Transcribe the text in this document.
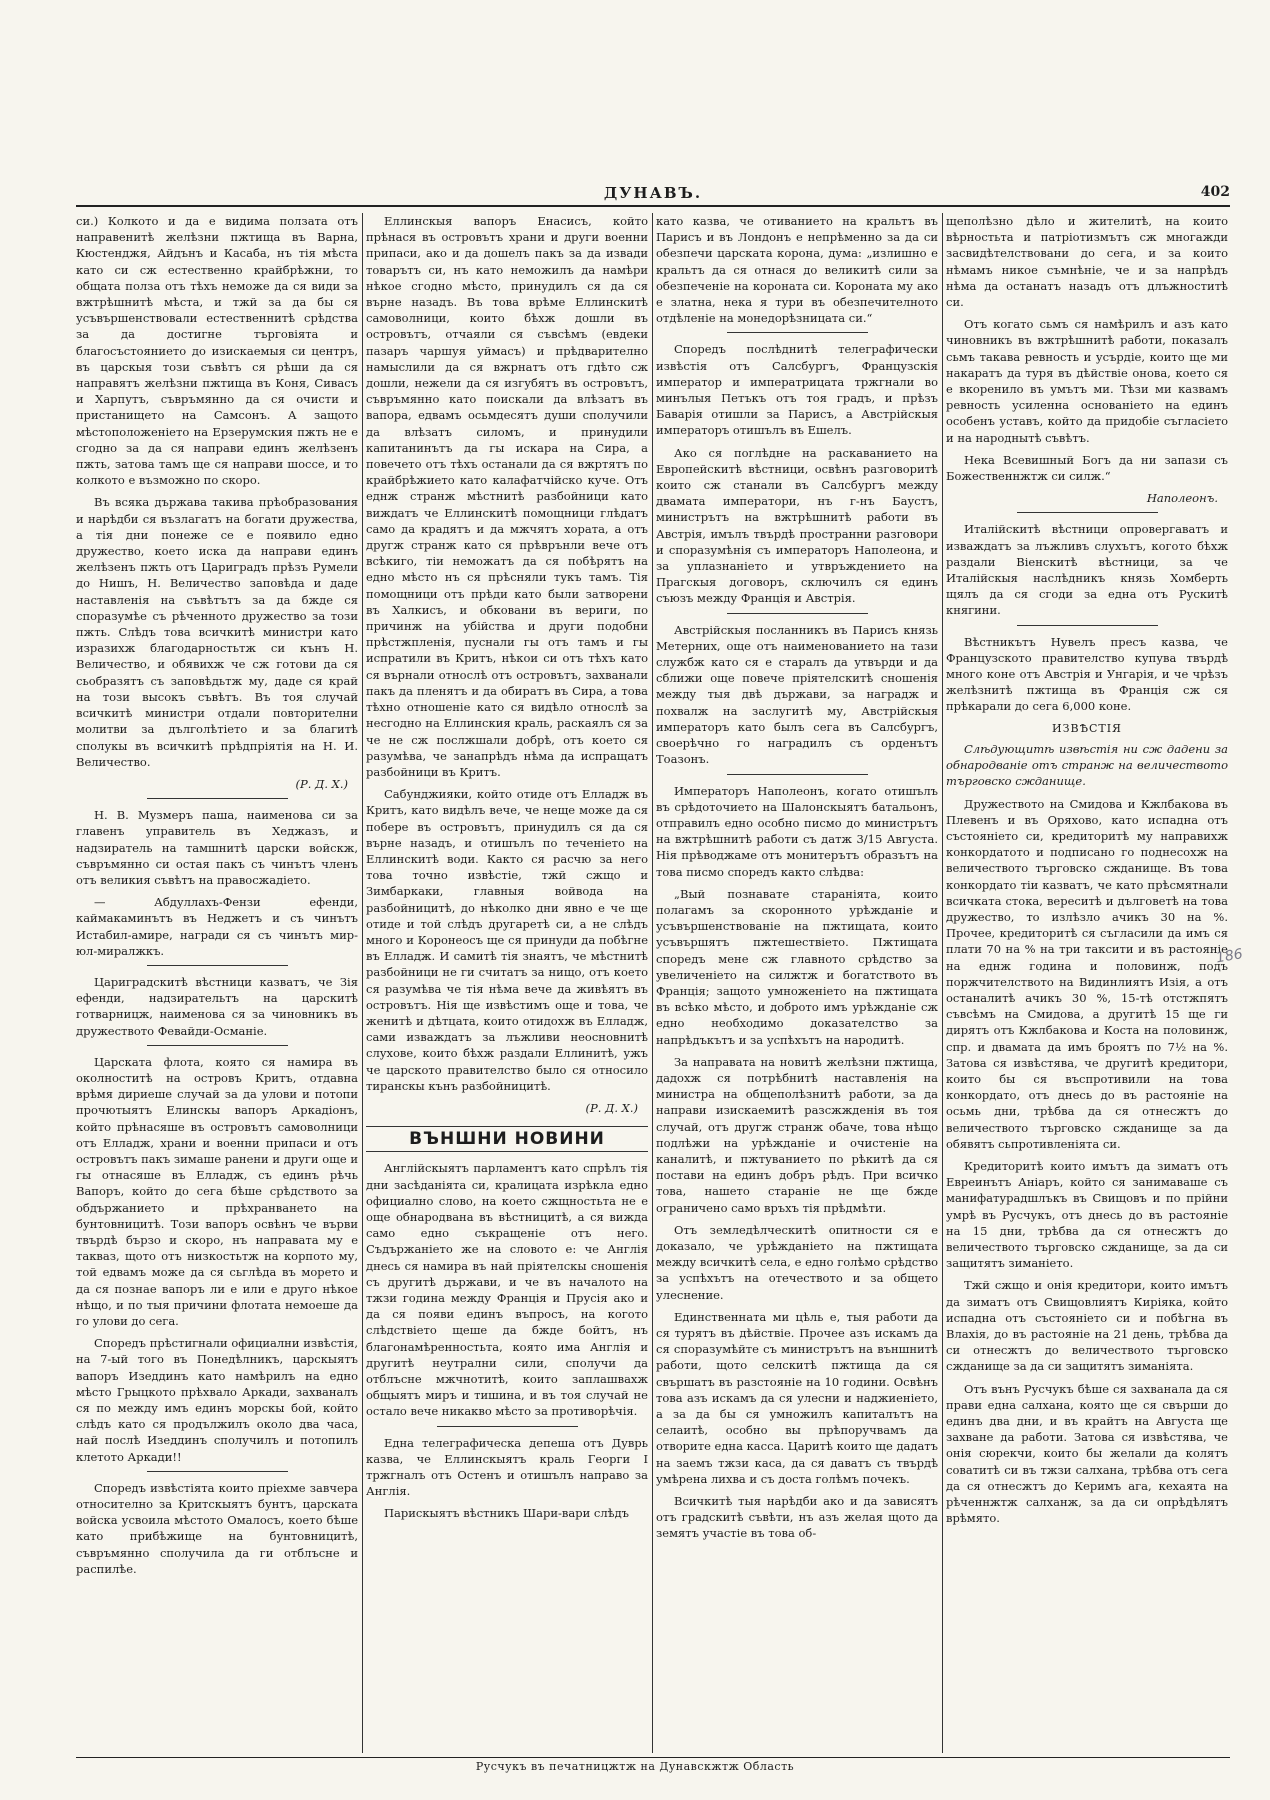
ДУНАВЪ.	402

си.) Колкото и да е видима ползата отъ направенитѣ желѣзни пжтища въ Варна, Кюстенджя, Айдънъ и Касаба, нъ тія мѣста като си сж естественно крайбрѣжни, то общата полза отъ тѣхъ неможе да ся види за вжтрѣшнитѣ мѣста, и тжй за да бы ся усъвършенствовали естественнитѣ срѣдства за да достигне търговіята и благосъстоянието до изискаемыя си центръ, въ царскыя този съвѣтъ ся рѣши да ся направятъ желѣзни пжтища въ Коня, Сивасъ и Харпутъ, съвръмянно да ся очисти и пристанището на Самсонъ. А защото мѣстоположеніето на Ерзерумския пжть не е сгодно за да ся направи единъ желѣзенъ пжть, затова тамъ ще ся направи шоссе, и то колкото е възможно по скоро.

Въ всяка държава такива прѣобразования и нарѣдби ся възлагатъ на богати дружества, а тія дни понеже се е появило едно дружество, което иска да направи единъ желѣзенъ пжть отъ Цариградъ прѣзъ Румели до Нишъ, Н. Величество заповѣда и даде наставленія на съвѣтътъ за да бжде ся споразумѣе съ рѣченното дружество за този пжть. Слѣдъ това всичкитѣ министри като изразихж благодарностьтж си кънъ Н. Величество, и обявихж че сж готови да ся сьобразятъ съ заповѣдьтж му, даде ся край на този высокъ съвѣтъ. Въ тоя случай всичкитѣ министри отдали повторителни молитви за дълголѣтіето и за благитѣ сполукы въ всичкитѣ прѣдпріятія на Н. И. Величество.

(Р. Д. Х.)

Н. В. Музмеръ паша, наименова си за главенъ управитель въ Хеджазъ, и надзиратель на тамшнитѣ царски войскж, съвръмянно си остая пакъ съ чинътъ членъ отъ великия съвѣтъ на правосжадіето.

— Абдуллахъ-Фензи ефенди, каймакаминътъ въ Неджетъ и съ чинътъ Истабил-амире, награди ся съ чинътъ мир-юл-миралжкъ.

Цариградскитѣ вѣстници казватъ, че Зія ефенди, надзирательтъ на царскитѣ готварницж, наименова ся за чиновникъ въ дружеството Февайди-Османіе.

Царската флота, която ся намира въ околноститѣ на островъ Критъ, отдавна врѣмя дириеше случай за да улови и потопи прочютыятъ Елинскы вапоръ Аркадіонъ, който прѣнасяше въ островътъ самоволници отъ Елладж, храни и военни припаси и отъ островътъ пакъ зимаше ранени и други още и гы отнасяше въ Елладж, съ единъ рѣчь Вапоръ, който до сега бѣше срѣдството за обдържанието и прѣхранването на бунтовницитѣ. Този вапоръ освѣнъ че върви твърдѣ бързо и скоро, нъ направата му е такваз, щото отъ низкостьтж на корпото му, той едвамъ може да ся сьглѣда въ морето и да ся познае вапоръ ли е или е друго нѣкое нѣщо, и по тыя причини флотата немоеше да го улови до сега.

Споредъ прѣстигнали официални извѣстія, на 7-ый того въ Понедѣлникъ, царскыятъ вапоръ Изеддинъ като намѣрилъ на едно мѣсто Грыцкото прѣхвало Аркади, захваналъ ся по между имъ единъ морскы бой, който слѣдъ като ся продължилъ около два часа, най послѣ Изеддинъ сполучилъ и потопилъ клетото Аркади!!

Споредъ извѣстіята които пріехме завчера относително за Критскыятъ бунтъ, царската войска усвоила мѣстото Омалосъ, което бѣше като прибѣжище на бунтовницитѣ, съвръмянно сполучила да ги отблъсне и распилѣе.

Еллинскыя вапоръ Енасисъ, който прѣнася въ островътъ храни и други военни припаси, ако и да дошелъ пакъ за да извади товарътъ си, нъ като неможилъ да намѣри нѣкое сгодно мѣсто, принудилъ ся да ся върне назадъ. Въ това врѣме Еллинскитѣ самоволници, които бѣхж дошли въ островътъ, отчаяли ся съвсѣмъ (евдеки пазаръ чаршуя уймасъ) и прѣдварително намыслили да ся вжрнатъ отъ гдѣто сж дошли, нежели да ся изгубятъ въ островътъ, съвръмянно като поискали да влѣзатъ въ вапора, едвамъ осьмдесятъ души сполучили да влѣзатъ силомъ, и принудили капитанинътъ да гы искара на Сира, а повечето отъ тѣхъ останали да ся вжртятъ по крайбрѣжието като калафатчійско куче. Отъ еднж странж мѣстнитѣ разбойници като виждатъ че Еллинскитѣ помощници глѣдатъ само да крадятъ и да мжчятъ хората, а отъ другж странж като ся прѣврънли вече отъ всѣкиго, тіи неможатъ да ся побѣрятъ на едно мѣсто нъ ся прѣсняли тукъ тамъ. Тія помощници отъ прѣди като были затворени въ Халкисъ, и обковани въ вериги, по причинж на убійства и други подобни прѣстжпленія, пуснали гы отъ тамъ и гы испратили въ Критъ, нѣкои си отъ тѣхъ като ся върнали относлѣ отъ островътъ, захванали пакъ да пленятъ и да обиратъ въ Сира, а това тѣхно отношеніе като ся видѣло относлѣ за несгодно на Еллинския краль, раскаялъ ся за че не сж послжшали добрѣ, отъ което ся разумѣва, че занапрѣдъ нѣма да испращатъ разбойници въ Критъ.

Сабунджияки, който отиде отъ Елладж въ Критъ, като видѣлъ вече, че неще може да ся побере въ островътъ, принудилъ ся да ся върне назадъ, и отишълъ по теченіето на Еллинскитѣ води. Както ся расчю за него това точно извѣстіе, тжй сжщо и Зимбаркаки, главныя войвода на разбойницитѣ, до нѣколко дни явно е че ще отиде и той слѣдъ другаретѣ си, а не слѣдъ много и Коронеосъ ще ся принуди да побѣгне въ Елладж. И самитѣ тія знаятъ, че мѣстнитѣ разбойници не ги считатъ за нищо, отъ което ся разумѣва че тія нѣма вече да живѣятъ въ островътъ. Нія ще извѣстимъ още и това, че женитѣ и дѣтцата, които отидохж въ Елладж, сами изваждатъ за лъжливи неосновнитѣ слухове, които бѣхж раздали Еллинитѣ, ужъ че царското правителство было ся относило тиранскы кънъ разбойницитѣ.

(Р. Д. Х.)
ВЪНШНИ НОВИНИ

Англійскыятъ парламентъ като спрѣлъ тія дни засѣданіята си, кралицата изрѣкла едно официално слово, на което сжщностьта не е още обнародвана въ вѣстницитѣ, а ся вижда само едно съкращеніе отъ него. Съдържаніето же на словото е: че Англія днесь ся намира въ най пріятелскы сношенія съ другитѣ държави, и че въ началото на тжзи година между Франція и Прусія ако и да ся появи единъ въпросъ, на когото слѣдствіето щеше да бжде бойтъ, нъ благонамѣренностьта, която има Англія и другитѣ неутрални сили, сполучи да отблъсне мжчнотитѣ, които заплашвахж общыятъ миръ и тишина, и въ тоя случай не остало вече никакво мѣсто за противорѣчія.

Една телеграфическа депеша отъ Дуврь казва, че Еллинскыятъ краль Георги I тржгналъ отъ Остенъ и отишълъ направо за Англія.

Парискыятъ вѣстникъ Шари-вари слѣдъ

като казва, че отиванието на кральтъ въ Парисъ и въ Лондонъ е непрѣменно за да си обезпечи царската корона, дума: „излишно е кральтъ да ся отнася до великитѣ сили за обезпеченіе на короната си. Короната му ако е златна, нека я тури въ обезпечителното отдѣленіе на монедорѣзницата си.“

Споредъ послѣднитѣ телеграфически извѣстія отъ Салсбургъ, Французскія император и императрицата тржгнали во минълыя Петъкъ отъ тоя градъ, и прѣзъ Баварія отишли за Парисъ, а Австрійскыя императоръ отишълъ въ Ешелъ.

Ако ся поглѣдне на раскаванието на Европейскитѣ вѣстници, освѣнъ разговоритѣ които сж станали въ Салсбургъ между двамата императори, нъ г-нъ Баустъ, министрътъ на вжтрѣшнитѣ работи въ Австрія, имълъ твърдѣ пространни разговори и споразумѣнія съ императоръ Наполеона, и за уплазнаніето и утвръждението на Прагскыя договоръ, сключилъ ся единъ съюзъ между Франція и Австрія.

Австрійскыя посланникъ въ Парисъ князь Метерних, още отъ наименованието на тази службж като ся е старалъ да утвърди и да сближи още повече пріятелскитѣ сношенія между тыя двѣ държави, за наградж и похвалж на заслугитѣ му, Австрійскыя императоръ като былъ сега въ Салсбургъ, своерѣчно го наградилъ съ орденътъ Тоазонъ.

Императоръ Наполеонъ, когато отишълъ въ срѣдоточието на Шалонскыятъ батальонъ, отправилъ едно особно писмо до министрътъ на вжтрѣшнитѣ работи съ датж 3/15 Августа. Нія прѣводжаме отъ монитерътъ образътъ на това писмо споредъ както слѣдва:

„Вый познавате стараніята, които полагамъ за скоронното урѣжданіе и усъвършенствованіе на пжтищата, които усъвършятъ пжтешествіето. Пжтищата споредъ мене сж главното срѣдство за увеличеніето на силжтж и богатството въ Франція; защото умноженіето на пжтищата въ всѣко мѣсто, и доброто имъ урѣжданіе сж едно необходимо доказателство за напрѣдъкътъ и за успѣхътъ на народитѣ.

За направата на новитѣ желѣзни пжтища, дадохж ся потрѣбнитѣ наставленія на министра на общеполѣзнитѣ работи, за да направи изискаемитѣ разсжжденія въ тоя случай, отъ другж странж обаче, това нѣщо подлѣжи на урѣжданіе и очистеніе на каналитѣ, и пжтуванието по рѣкитѣ да ся постави на единъ добръ рѣдъ. При всичко това, нашето стараніе не ще бжде ограничено само връхъ тія прѣдмѣти.

Отъ земледѣлческитѣ опитности ся е доказало, че урѣжданіето на пжтищата между всичкитѣ села, е едно голѣмо срѣдство за успѣхътъ на отечеството и за общето улеснение.

Единственната ми цѣль е, тыя работи да ся турятъ въ дѣйствіе. Прочее азъ искамъ да ся споразумѣйте съ министрътъ на външнитѣ работи, щото селскитѣ пжтища да ся свършатъ въ разстояніе на 10 години. Освѣнъ това азъ искамъ да ся улесни и наджиеніето, а за да бы ся умножилъ капиталътъ на селаитѣ, особно вы прѣпоручвамъ да отворите една касса. Царитѣ които ще дадатъ на заемъ тжзи каса, да ся даватъ съ твърдѣ умѣрена лихва и съ доста голѣмъ почекъ.

Всичкитѣ тыя нарѣдби ако и да зависятъ отъ градскитѣ съвѣти, нъ азъ желая щото да земятъ участіе въ това об-

щеполѣзно дѣло и жителитѣ, на които вѣрностьта и патріотизмътъ сж многажди засвидѣтелствовани до сега, и за които нѣмамъ никое съмнѣніе, че и за напрѣдъ нѣма да останатъ назадъ отъ длъжноститѣ си.

Отъ когато сьмъ ся намѣрилъ и азъ като чиновникъ въ вжтрѣшнитѣ работи, показалъ сьмъ такава ревность и усърдіе, които ще ми накаратъ да туря въ дѣйствіе онова, което ся е вкоренило въ умътъ ми. Тѣзи ми казвамъ ревность усиленна основаніето на единъ особенъ уставъ, който да придобіе съгласіето и на народнытѣ съвѣтъ.

Нека Всевишный Богъ да ни запази съ Божественнжтж си силж.“

Наполеонъ.

Италійскитѣ вѣстници опровергаватъ и изваждатъ за лъжливъ слухътъ, когото бѣхж раздали Віенскитѣ вѣстници, за че Италійскыя наслѣдникъ князь Хомберть щялъ да ся сгоди за една отъ Рускитѣ княгини.

Вѣстникътъ Нувелъ пресъ казва, че Французското правителство купува твърдѣ много коне отъ Австрія и Унгарія, и че чрѣзъ желѣзнитѣ пжтища въ Франція сж ся прѣкарали до сега 6,000 коне.

ИЗВѢСТІЯ

Слѣдующитѣ извѣстія ни сж дадени за обнародваніе отъ странж на величеството търговско сжданище.

Дружеството на Смидова и Кжлбакова въ Плевенъ и въ Оряхово, като испадна отъ състояніето си, кредиторитѣ му направихж конкордатото и подписано го поднесохж на величеството търговско сжданище. Въ това конкордато тіи казватъ, че като прѣсмятнали всичката стока, вереситѣ и дълговетѣ на това дружество, то излѣзло ачикъ 30 на %. Прочее, кредиторитѣ ся съгласили да имъ ся плати 70 на % на три таксити и въ растояніе на еднж година и половинж, подъ поржчителството на Видинлиятъ Изія, а отъ останалитѣ ачикъ 30 %, 15-тѣ отстжпятъ съвсѣмъ на Смидова, а другитѣ 15 ще ги дирятъ отъ Кжлбакова и Коста на половинж, спр. и двамата да имъ броятъ по 7½ на %. Затова ся извѣстява, че другитѣ кредитори, които бы ся въспротивили на това конкордато, отъ днесь до въ растояніе на осьмь дни, трѣбва да ся отнесжтъ до величеството търговско сжданище за да обявятъ сьпротивленіята си.

Кредиторитѣ които имътъ да зиматъ отъ Евреинътъ Аніаръ, който ся занимаваше съ манифатурадшлъкъ въ Свищовъ и по прійни умрѣ въ Русчукъ, отъ днесь до въ растояніе на 15 дни, трѣбва да ся отнесжтъ до величеството търговско сжданище, за да си защитятъ зиманіето.

Тжй сжщо и онія кредитори, които имътъ да зиматъ отъ Свищовлиятъ Киріяка, който испадна отъ състояніето си и побѣгна въ Влахія, до въ растояніе на 21 день, трѣбва да си отнесжтъ до величеството търговско сжданище за да си защитятъ зиманіята.

Отъ вънъ Русчукъ бѣше ся захванала да ся прави една салхана, която ще ся свърши до единъ два дни, и въ крайтъ на Августа ще захване да работи. Затова ся извѣстява, че онія сюрекчи, които бы желали да колятъ соватитѣ си въ тжзи салхана, трѣбва отъ сега да ся отнесжтъ до Керимъ ага, кехаята на рѣченнжтж салханж, за да си опрѣдѣлятъ врѣмято.

186
Русчукъ въ печатницжтж на Дунавскжтж Область
